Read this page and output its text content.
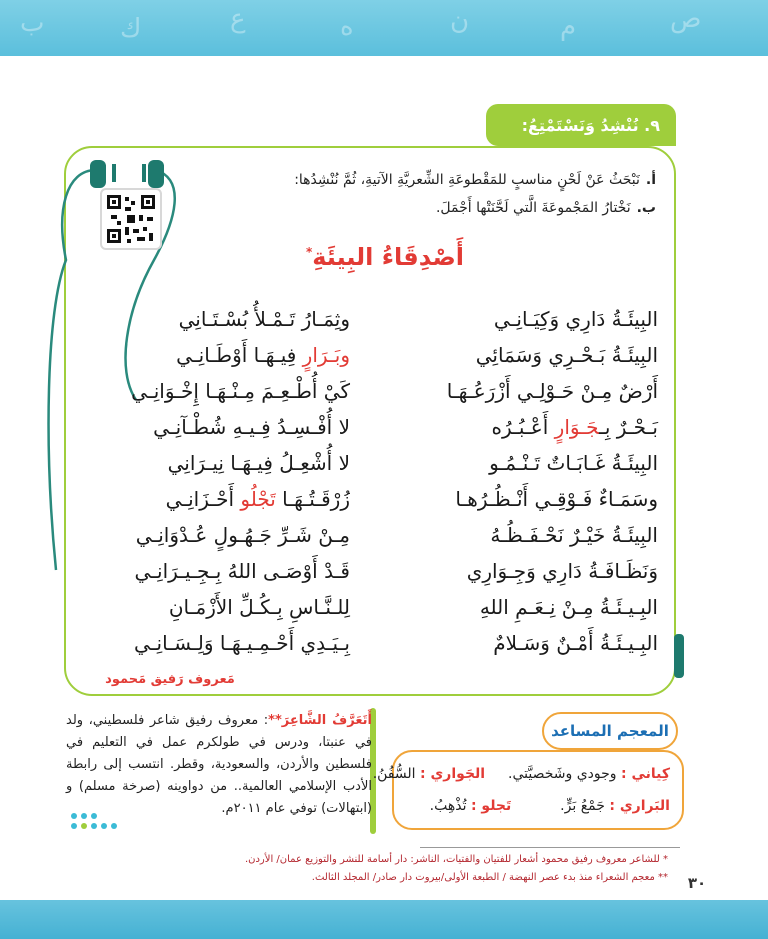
ب	ك	ع	ه	ن	م	ص
٩. نُنْشِدُ وَنَسْتَمْتِعُ:
أ.نَبْحَثُ عَنْ لَحْنٍ مناسبٍ للمَقْطوعَةِ الشِّعريَّةِ الآتيةِ، ثُمَّ نُنْشِدُها:
ب.نَخْتارُ المَجْموعَةَ الَّتي لَحَّنَتْها أَجْمَلَ.
أَصْدِقَاءُ البِيئَةِ*
البِيئَـةُ دَارِي وَكِيَـانِـي
البِيئَـةُ بَـحْـرِي وَسَمَائِي
أَرْضٌ مِـنْ حَـوْلِـي أَزْرَعُـهَـا
بَـحْـرٌ بِـجَـوَارٍ أَعْـبُـرُه
البِيئَـةُ غَـابَـاتٌ تَـنْـمُـو
وسَمَـاءٌ فَـوْقِـي أَنْـظُـرُهـا
البِيئَـةُ خَيْـرٌ نَحْـفَـظُـهُ
وَنَظَـافَـةُ دَارِي وَجِـوَارِي
البِـيـئَـةُ مِـنْ نِـعَـمِ اللهِ
البِـيـئَـةُ أَمْـنٌ وَسَـلامٌ
وثِمَـارُ تَـمْـلأُ بُسْـتَـانِي
وبَـرَارٍ فِيـهَـا أَوْطَـانِـي
كَيْ أُطْـعِـمَ مِـنْـهَـا إِخْـوَانِـي
لا أُفْـسِـدُ فِـيـهِ شُطْـآنِـي
لا أُشْعِـلُ فِيـهَـا نِيـرَانِي
زُرْقَـتُـهَـا تَجْلُو أَحْـزَانِـي
مِـنْ شَـرِّ جَـهُـولٍ عُـدْوَانِـي
قَـدْ أَوْصَـى اللهُ بِـجِـيـرَانِـي
لِلـنَّـاسِ بِـكُـلِّ الأَزْمَـانِ
بِـيَـدِي أَحْـمِـيـهَـا وَلِـسَـانِـي
مَعروف رَفيق مَحمود
أَتَعَرَّفُ الشَّاعِرَ**: معروف رفيق شاعر فلسطيني، ولد في عنبتا، ودرس في طولكرم عمل في التعليم في فلسطين والأردن، والسعودية، وقطر. انتسب إلى رابطة الأدب الإسلامي العالمية.. من دواوينه (صرخة مسلم) و (ابتهالات) توفي عام ٢٠١١م.
المعجم المساعد
كِياني : وجودي وشَخصيَّتي.  الجَواري : السُّفُنُ.
البَراري : جَمْعُ بَرٍّ.  تَجلو : تُذْهِبُ.
* للشاعر معروف رفيق محمود أشعار للفتيان والفتيات، الناشر: دار أسامة للنشر والتوزيع عمان/ الأردن.
** معجم الشعراء منذ بدء عصر النهضة / الطبعة الأولى/بيروت دار صادر/ المجلد الثالث.	٣٠
